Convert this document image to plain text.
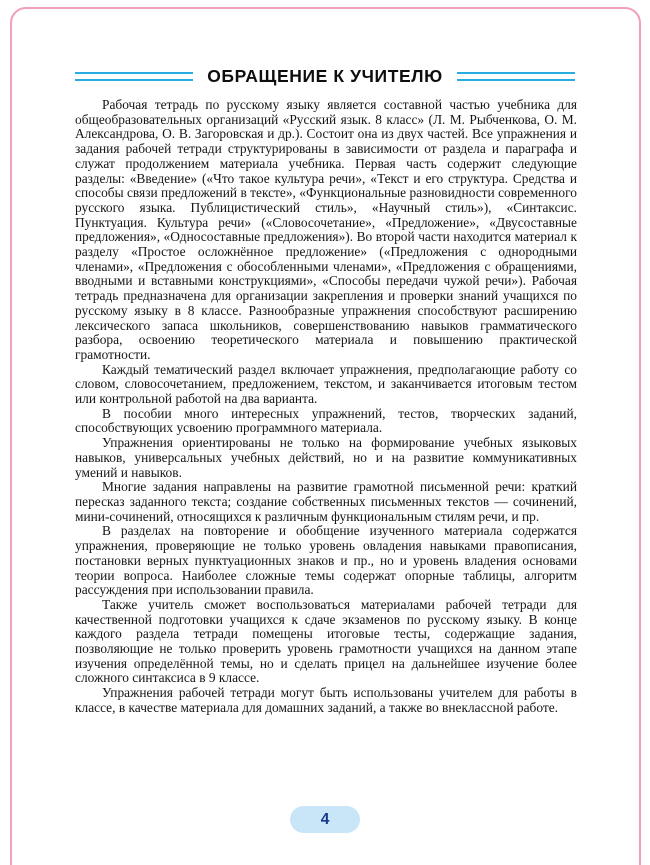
ОБРАЩЕНИЕ К УЧИТЕЛЮ

Рабочая тетрадь по русскому языку является составной частью учебника для общеобразовательных организаций «Русский язык. 8 класс» (Л. М. Рыбченкова, О. М. Александрова, О. В. Загоровская и др.). Состоит она из двух частей. Все упражнения и задания рабочей тетради структурированы в зависимости от раздела и параграфа и служат продолжением материала учебника. Первая часть содержит следующие разделы: «Введение» («Что такое культура речи», «Текст и его структура. Средства и способы связи предложений в тексте», «Функциональные разновидности современного русского языка. Публицистический стиль», «Научный стиль»), «Синтаксис. Пунктуация. Культура речи» («Словосочетание», «Предложение», «Двусоставные предложения», «Односоставные предложения»). Во второй части находится материал к разделу «Простое осложнённое предложение» («Предложения с однородными членами», «Предложения с обособленными членами», «Предложения с обращениями, вводными и вставными конструкциями», «Способы передачи чужой речи»). Рабочая тетрадь предназначена для организации закрепления и проверки знаний учащихся по русскому языку в 8 классе. Разнообразные упражнения способствуют расширению лексического запаса школьников, совершенствованию навыков грамматического разбора, освоению теоретического материала и повышению практической грамотности.

Каждый тематический раздел включает упражнения, предполагающие работу со словом, словосочетанием, предложением, текстом, и заканчивается итоговым тестом или контрольной работой на два варианта.

В пособии много интересных упражнений, тестов, творческих заданий, способствующих усвоению программного материала.

Упражнения ориентированы не только на формирование учебных языковых навыков, универсальных учебных действий, но и на развитие коммуникативных умений и навыков.

Многие задания направлены на развитие грамотной письменной речи: краткий пересказ заданного текста; создание собственных письменных текстов — сочинений, мини-сочинений, относящихся к различным функциональным стилям речи, и пр.

В разделах на повторение и обобщение изученного материала содержатся упражнения, проверяющие не только уровень овладения навыками правописания, постановки верных пунктуационных знаков и пр., но и уровень владения основами теории вопроса. Наиболее сложные темы содержат опорные таблицы, алгоритм рассуждения при использовании правила.

Также учитель сможет воспользоваться материалами рабочей тетради для качественной подготовки учащихся к сдаче экзаменов по русскому языку. В конце каждого раздела тетради помещены итоговые тесты, содержащие задания, позволяющие не только проверить уровень грамотности учащихся на данном этапе изучения определённой темы, но и сделать прицел на дальнейшее изучение более сложного синтаксиса в 9 классе.

Упражнения рабочей тетради могут быть использованы учителем для работы в классе, в качестве материала для домашних заданий, а также во внеклассной работе.

4
